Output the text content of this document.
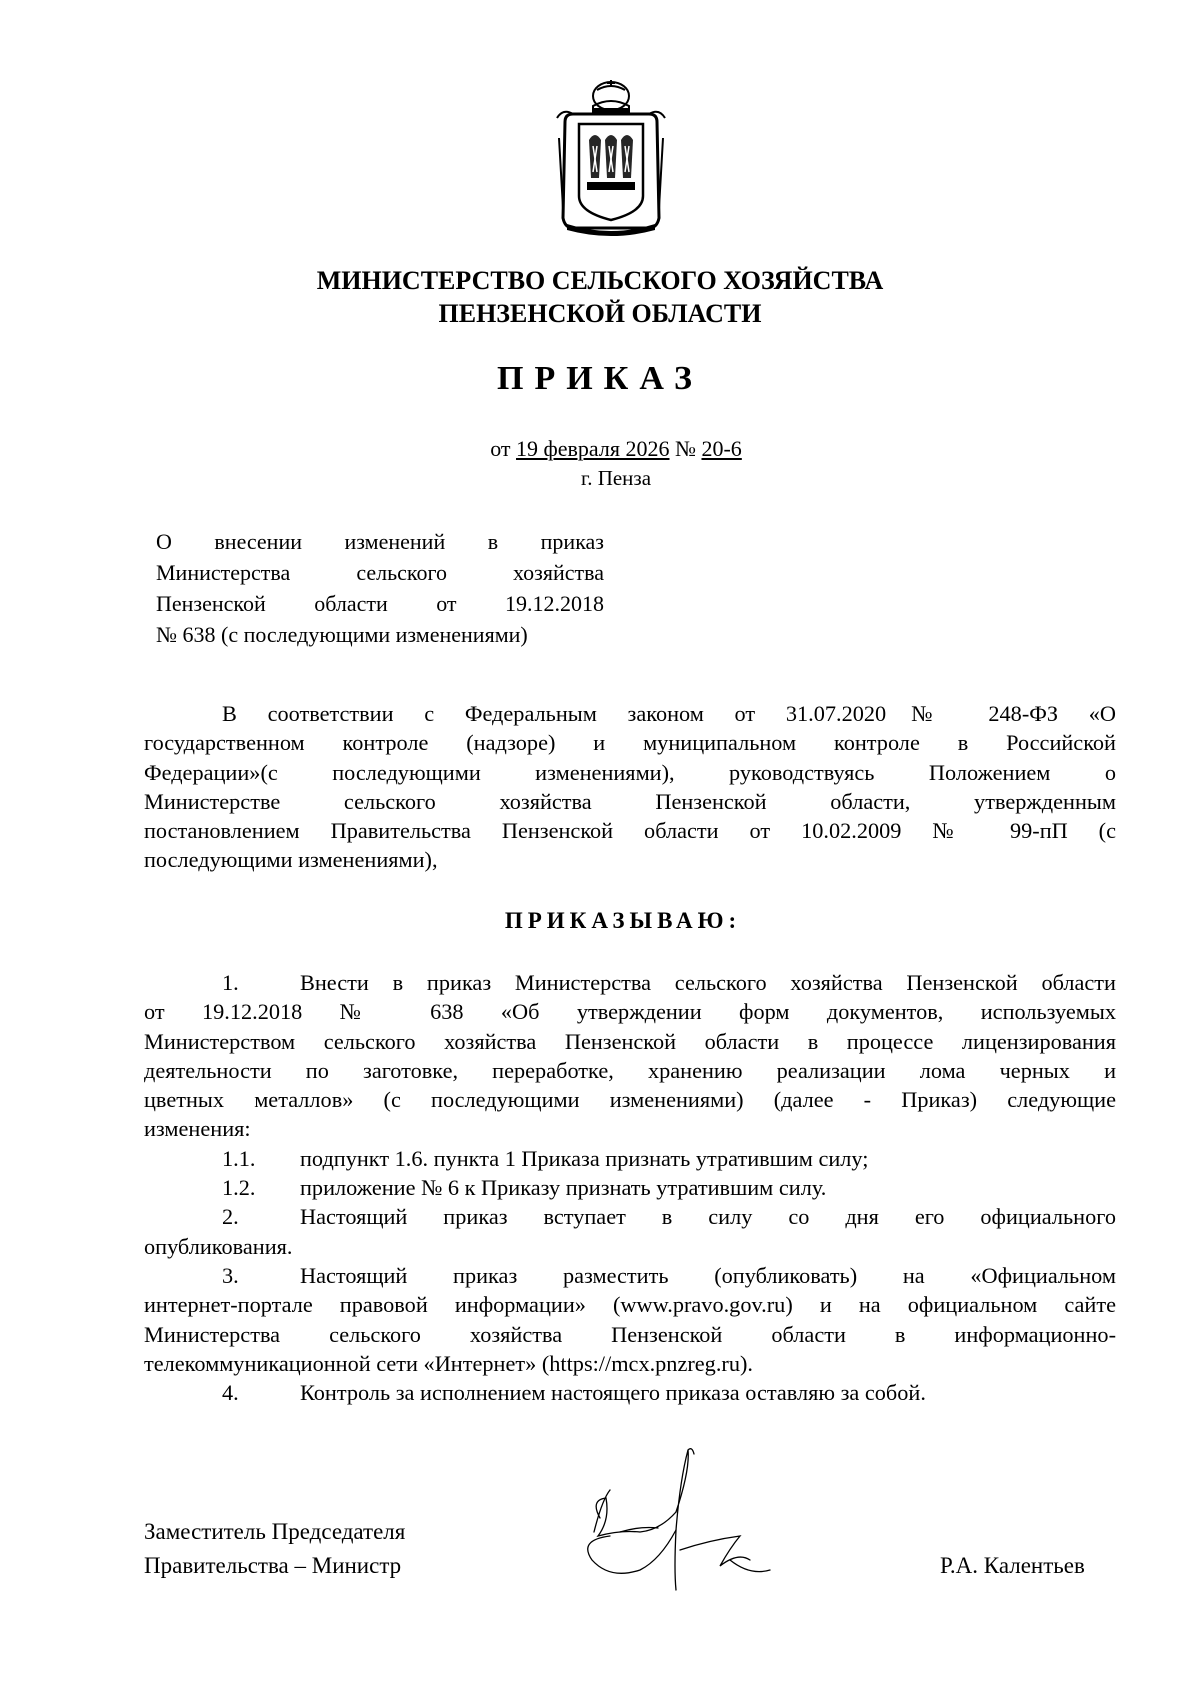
МИНИСТЕРСТВО СЕЛЬСКОГО ХОЗЯЙСТВА
ПЕНЗЕНСКОЙ ОБЛАСТИ
ПРИКАЗ
от 19 февраля 2026 № 20-6
г. Пенза
О внесении изменений в приказ
Министерства сельского хозяйства
Пензенской области от 19.12.2018
№ 638 (с последующими изменениями)
В соответствии с Федеральным законом от 31.07.2020№ 248-ФЗ «О
государственном контроле (надзоре) и муниципальном контроле в Российской
Федерации»(с последующими изменениями), руководствуясь Положением о
Министерстве сельского хозяйства Пензенской области, утвержденным
постановлением Правительства Пензенской области от 10.02.2009 № 99-пП (с
последующими изменениями),
ПРИКАЗЫВАЮ:
1.	Внести в приказ Министерства сельского хозяйства Пензенской области
от 19.12.2018 № 638 «Об утверждении форм документов, используемых
Министерством сельского хозяйства Пензенской области в процессе лицензирования
деятельности по заготовке, переработке, хранению реализации лома черных и
цветных металлов» (с последующими изменениями) (далее - Приказ) следующие
изменения:
1.1. подпункт 1.6. пункта 1 Приказа признать утратившим силу;
1.2. приложение № 6 к Приказу признать утратившим силу.
2.	Настоящий приказ вступает в силу со дня его официального
опубликования.
3.	Настоящий приказ разместить (опубликовать) на «Официальном
интернет-портале правовой информации» (www.pravo.gov.ru) и на официальном сайте
Министерства сельского хозяйства Пензенской области в информационно-
телекоммуникационной сети «Интернет» (https://mcx.pnzreg.ru).
4.	Контроль за исполнением настоящего приказа оставляю за собой.
Заместитель Председателя
Правительства – Министр	Р.А. Калентьев
